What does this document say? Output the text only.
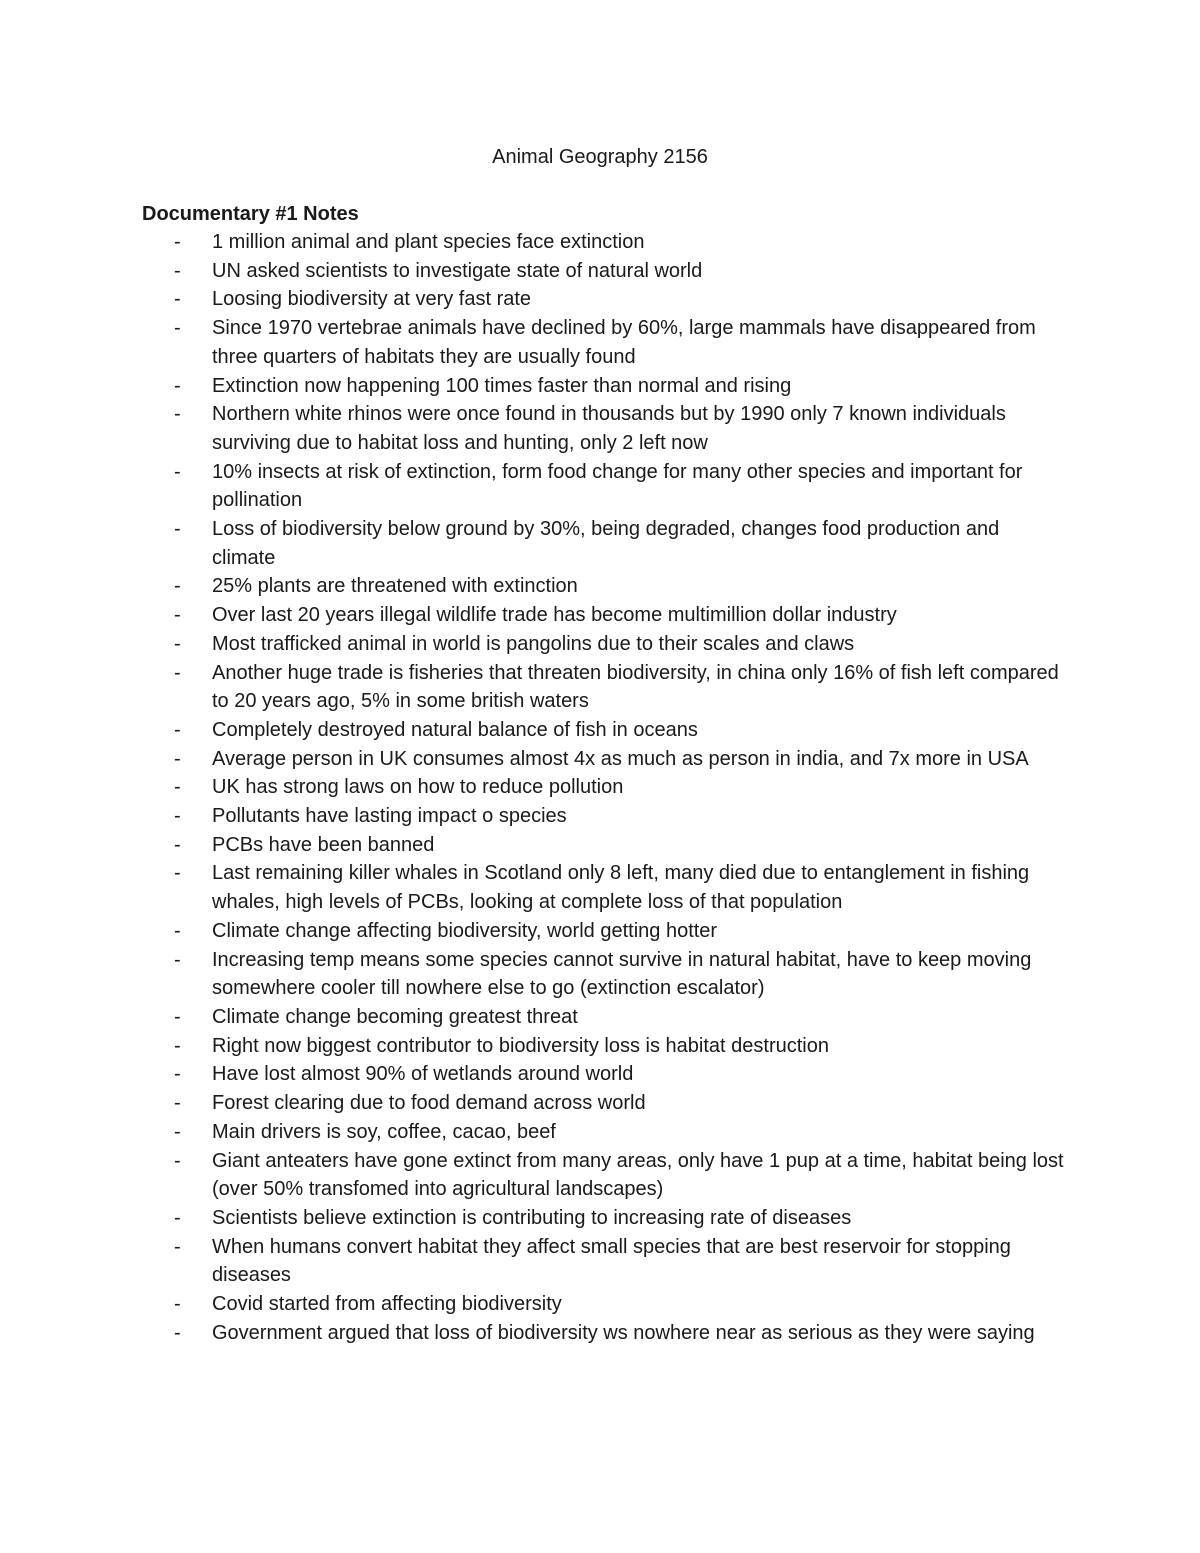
Animal Geography 2156
Documentary #1 Notes
- 1 million animal and plant species face extinction
- UN asked scientists to investigate state of natural world
- Loosing biodiversity at very fast rate
- Since 1970 vertebrae animals have declined by 60%, large mammals have disappeared from three quarters of habitats they are usually found
- Extinction now happening 100 times faster than normal and rising
- Northern white rhinos were once found in thousands but by 1990 only 7 known individuals surviving due to habitat loss and hunting, only 2 left now
- 10% insects at risk of extinction, form food change for many other species and important for pollination
- Loss of biodiversity below ground by 30%, being degraded, changes food production and climate
- 25% plants are threatened with extinction
- Over last 20 years illegal wildlife trade has become multimillion dollar industry
- Most trafficked animal in world is pangolins due to their scales and claws
- Another huge trade is fisheries that threaten biodiversity, in china only 16% of fish left compared to 20 years ago, 5% in some british waters
- Completely destroyed natural balance of fish in oceans
- Average person in UK consumes almost 4x as much as person in india, and 7x more in USA
- UK has strong laws on how to reduce pollution
- Pollutants have lasting impact o species
- PCBs have been banned
- Last remaining killer whales in Scotland only 8 left, many died due to entanglement in fishing whales, high levels of PCBs, looking at complete loss of that population
- Climate change affecting biodiversity, world getting hotter
- Increasing temp means some species cannot survive in natural habitat, have to keep moving somewhere cooler till nowhere else to go (extinction escalator)
- Climate change becoming greatest threat
- Right now biggest contributor to biodiversity loss is habitat destruction
- Have lost almost 90% of wetlands around world
- Forest clearing due to food demand across world
- Main drivers is soy, coffee, cacao, beef
- Giant anteaters have gone extinct from many areas, only have 1 pup at a time, habitat being lost (over 50% transfomed into agricultural landscapes)
- Scientists believe extinction is contributing to increasing rate of diseases
- When humans convert habitat they affect small species that are best reservoir for stopping diseases
- Covid started from affecting biodiversity
- Government argued that loss of biodiversity ws nowhere near as serious as they were saying
